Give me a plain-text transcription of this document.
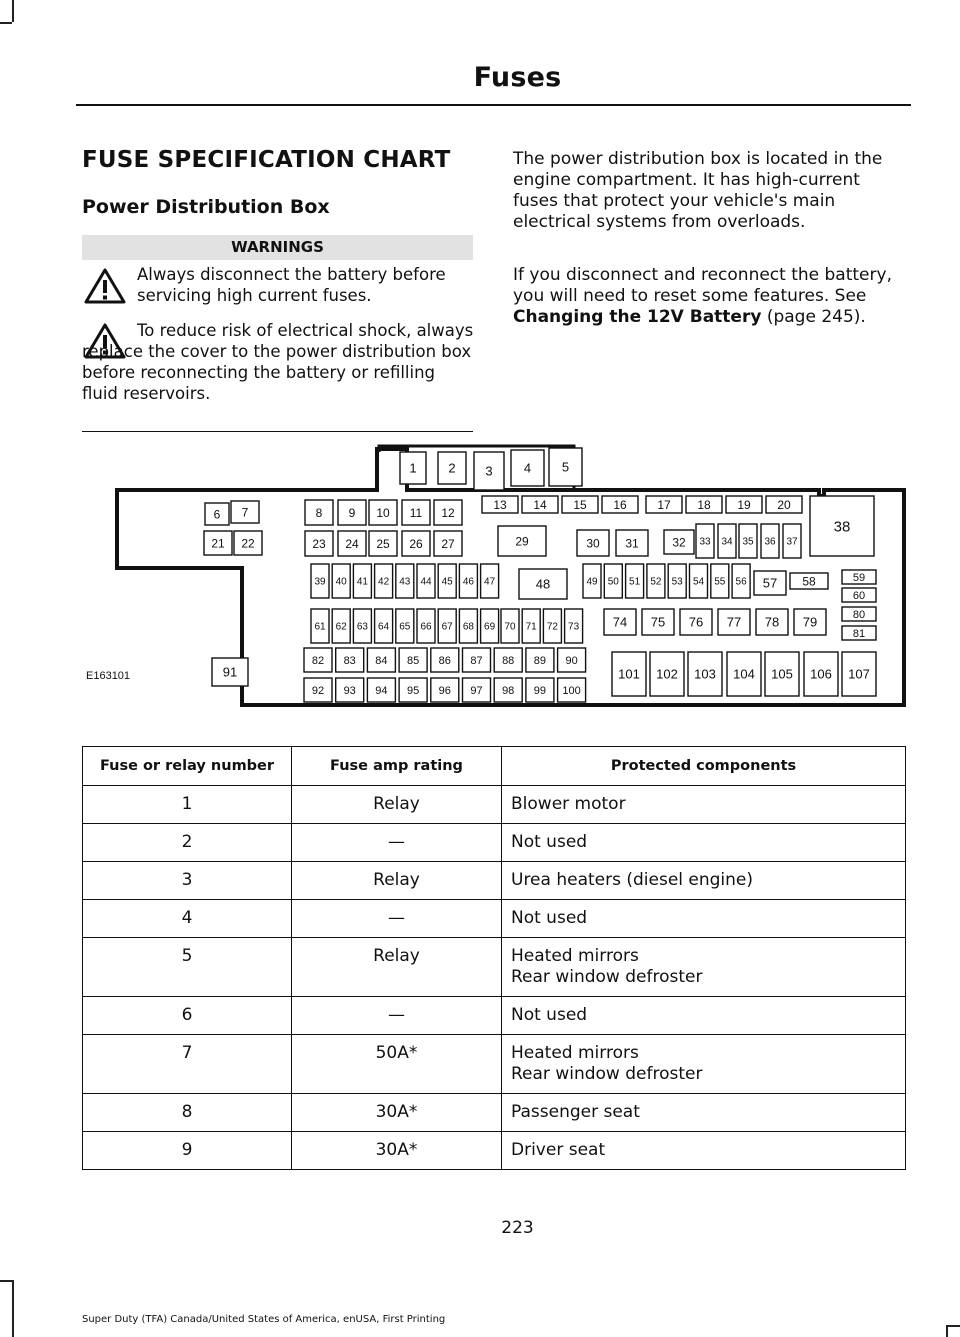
Fuses
FUSE SPECIFICATION CHART
Power Distribution Box
WARNINGS
Always disconnect the battery before servicing high current fuses.
To reduce risk of electrical shock, always replace the cover to the power distribution box before reconnecting the battery or refilling fluid reservoirs.
The power distribution box is located in the engine compartment. It has high-current fuses that protect your vehicle's main electrical systems from overloads.
If you disconnect and reconnect the battery, you will need to reset some features. See Changing the 12V Battery (page 245).
1 2 3 4 5
6 7	8 9 10 11 12
13 14 15 16	17 18 19 20
21 22	23 24 25 26 27	29	30 31	32 33 34 35 36 37
38
39 40 41 42 43 44 45 46 47	48	49 50 51 52 53 54 55 56 57 58	59
60
61 62 63 64 65 66 67 68 69 70 71 72 73	74 75 76 77 78 79	80
81
82 83 84 85 86 87 88 89 90
91
92 93 94 95 96 97 98 99 100
101 102 103 104 105 106 107
E163101
Fuse or relay number	Fuse amp rating	Protected components
1	Relay	Blower motor

2	—	Not used

3	Relay	Urea heaters (diesel engine)

4	—	Not used

5	Relay	Heated mirrors
Rear window defroster

6	—	Not used

7	50A*	Heated mirrors
Rear window defroster

8	30A*	Passenger seat

9	30A*	Driver seat
223
Super Duty (TFA) Canada/United States of America, enUSA, First Printing
